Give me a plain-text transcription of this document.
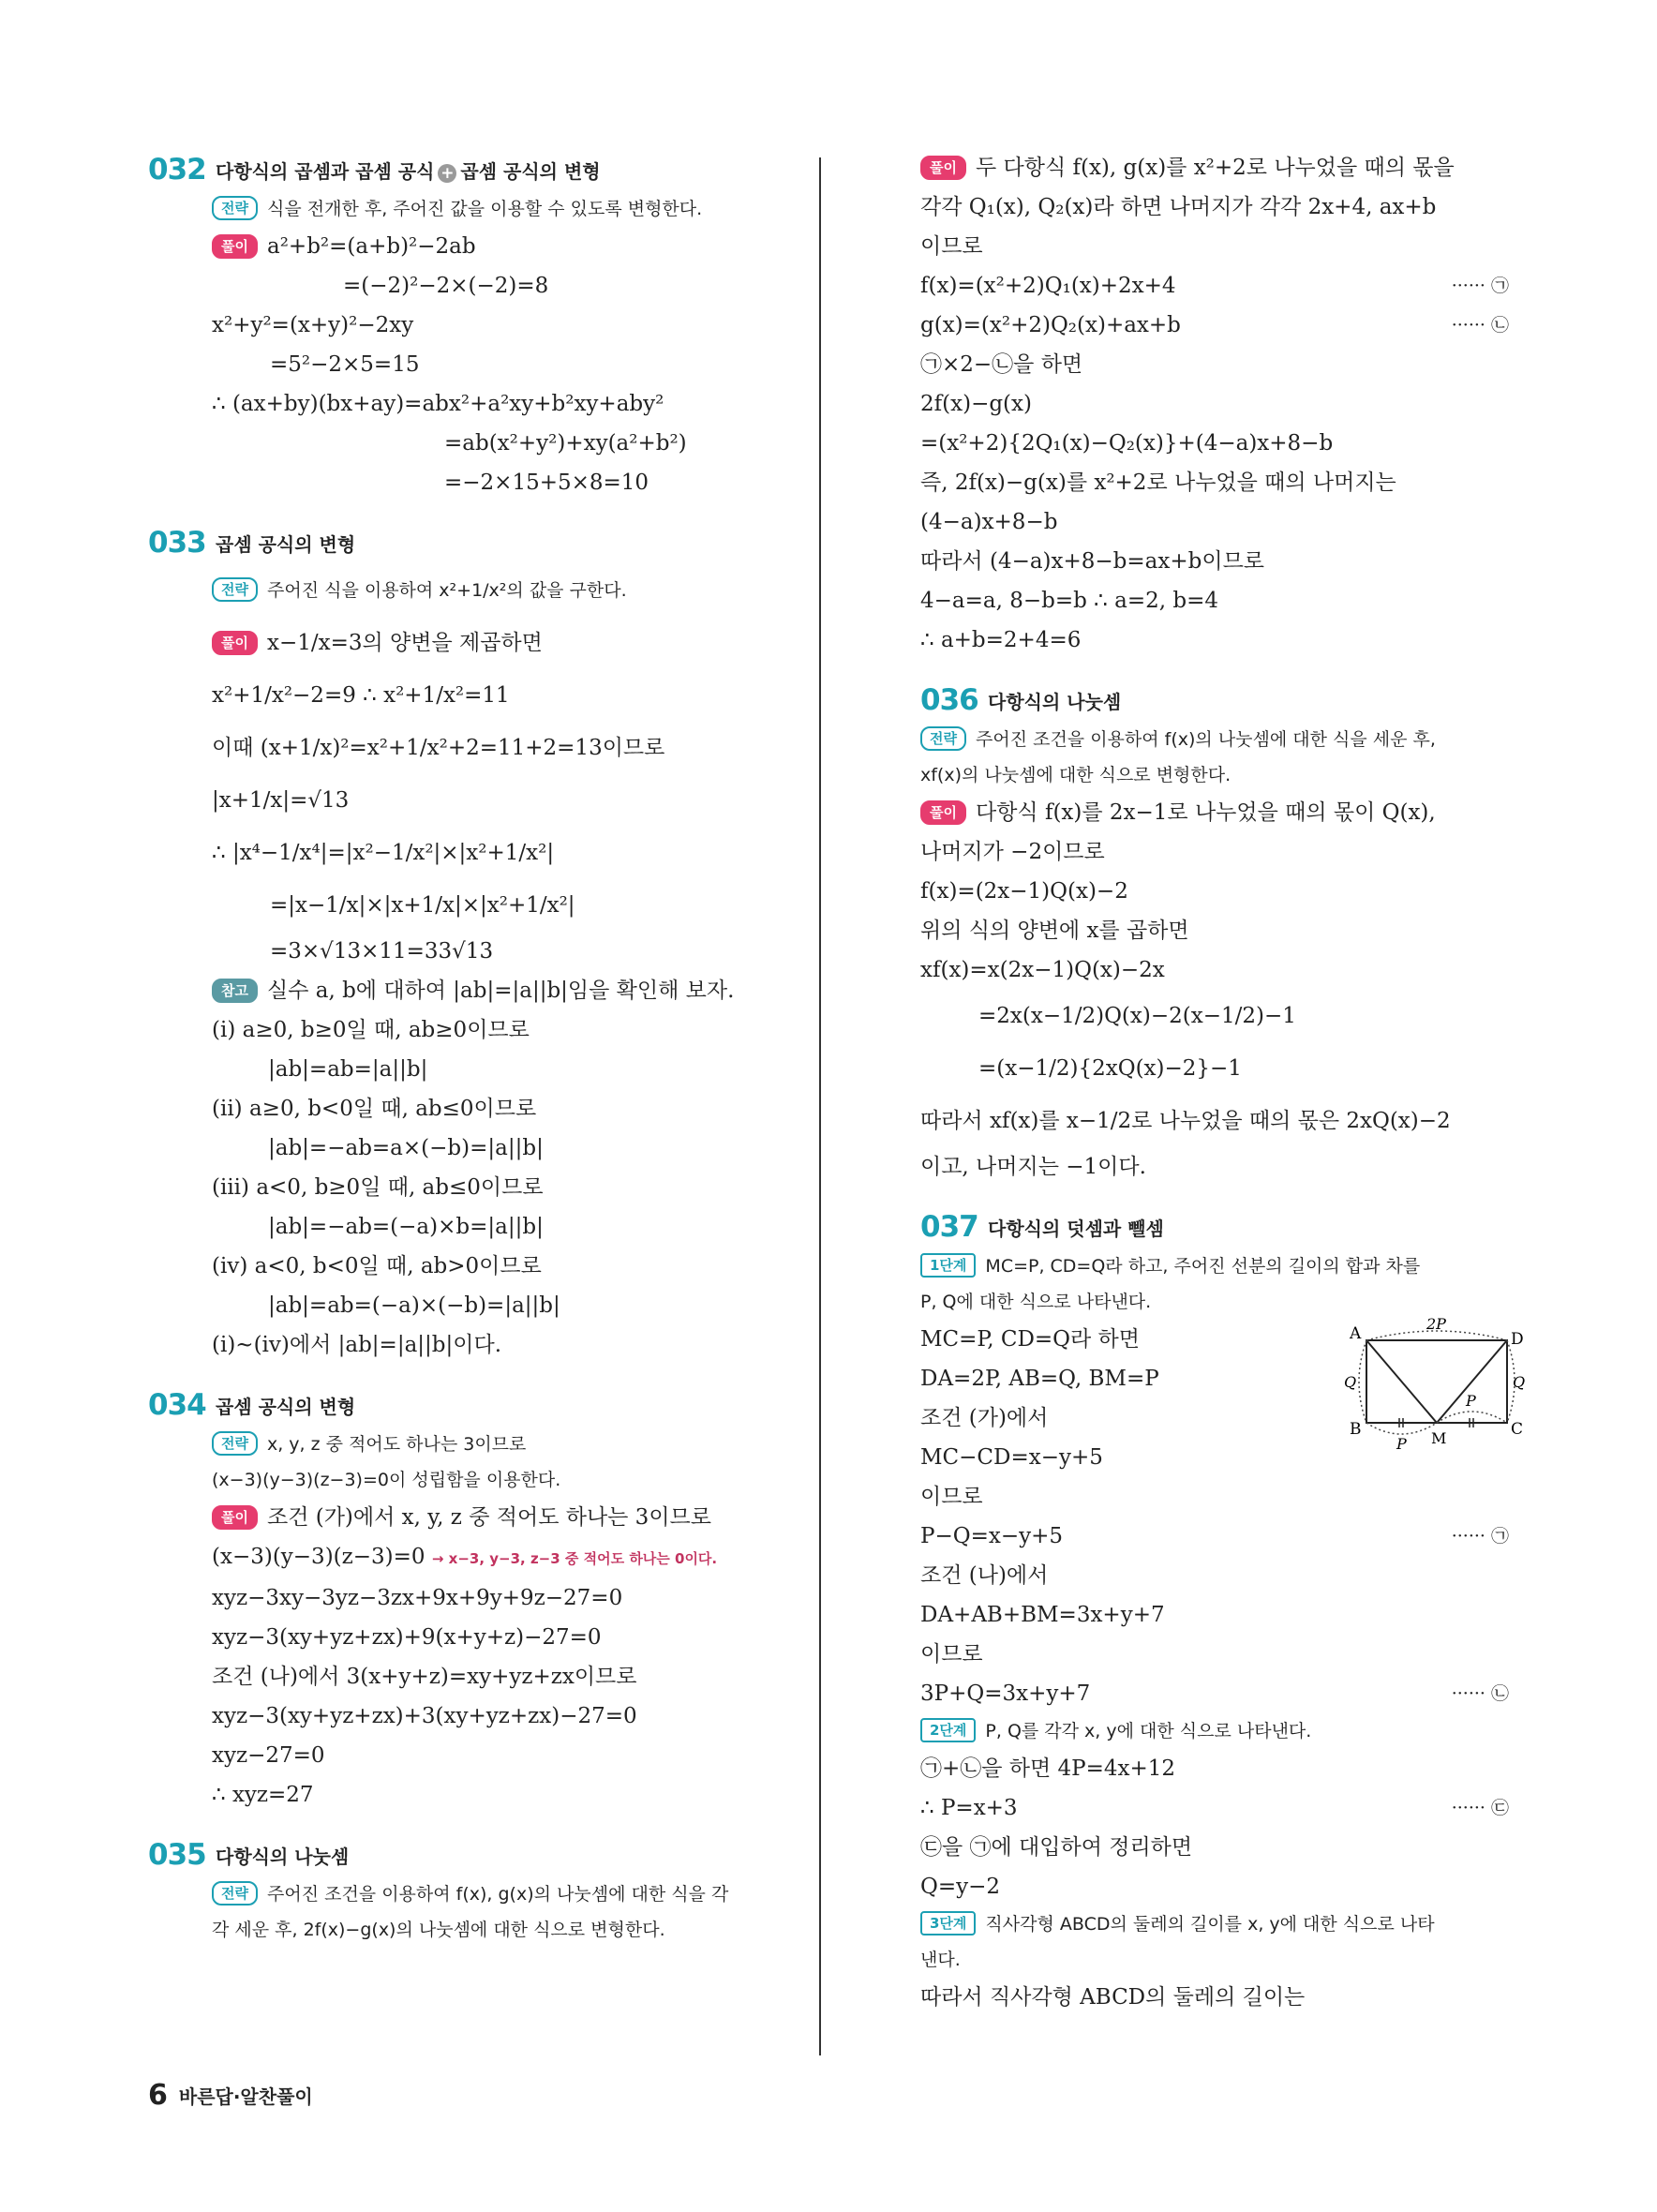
032 다항식의 곱셈과 곱셈 공식 + 곱셈 공식의 변형
전략 식을 전개한 후, 주어진 값을 이용할 수 있도록 변형한다.
풀이 a²+b²=(a+b)²−2ab
=(−2)²−2×(−2)=8
x²+y²=(x+y)²−2xy
=5²−2×5=15
∴ (ax+by)(bx+ay)=abx²+a²xy+b²xy+aby²
=ab(x²+y²)+xy(a²+b²)
=−2×15+5×8=10
033 곱셈 공식의 변형
전략 주어진 식을 이용하여 x²+1/x²의 값을 구한다.
풀이 x−1/x=3의 양변을 제곱하면
x²+1/x²−2=9 ∴ x²+1/x²=11
이때 (x+1/x)²=x²+1/x²+2=11+2=13이므로
|x+1/x|=√13
∴ |x⁴−1/x⁴|=|x²−1/x²|×|x²+1/x²|
=|x−1/x|×|x+1/x|×|x²+1/x²|
=3×√13×11=33√13
참고 실수 a, b에 대하여 |ab|=|a||b|임을 확인해 보자.
(i) a≥0, b≥0일 때, ab≥0이므로
|ab|=ab=|a||b|
(ii) a≥0, b<0일 때, ab≤0이므로
|ab|=−ab=a×(−b)=|a||b|
(iii) a<0, b≥0일 때, ab≤0이므로
|ab|=−ab=(−a)×b=|a||b|
(iv) a<0, b<0일 때, ab>0이므로
|ab|=ab=(−a)×(−b)=|a||b|
(i)~(iv)에서 |ab|=|a||b|이다.
034 곱셈 공식의 변형
전략 x, y, z 중 적어도 하나는 3이므로
(x−3)(y−3)(z−3)=0이 성립함을 이용한다.
풀이 조건 (가)에서 x, y, z 중 적어도 하나는 3이므로
(x−3)(y−3)(z−3)=0 → x−3, y−3, z−3 중 적어도 하나는 0이다.
xyz−3xy−3yz−3zx+9x+9y+9z−27=0
xyz−3(xy+yz+zx)+9(x+y+z)−27=0
조건 (나)에서 3(x+y+z)=xy+yz+zx이므로
xyz−3(xy+yz+zx)+3(xy+yz+zx)−27=0
xyz−27=0
∴ xyz=27
035 다항식의 나눗셈
전략 주어진 조건을 이용하여 f(x), g(x)의 나눗셈에 대한 식을 각
각 세운 후, 2f(x)−g(x)의 나눗셈에 대한 식으로 변형한다.
풀이 두 다항식 f(x), g(x)를 x²+2로 나누었을 때의 몫을
각각 Q₁(x), Q₂(x)라 하면 나머지가 각각 2x+4, ax+b
이므로
f(x)=(x²+2)Q₁(x)+2x+4	······ ㉠
g(x)=(x²+2)Q₂(x)+ax+b	······ ㉡
㉠×2−㉡을 하면
2f(x)−g(x)
=(x²+2){2Q₁(x)−Q₂(x)}+(4−a)x+8−b
즉, 2f(x)−g(x)를 x²+2로 나누었을 때의 나머지는
(4−a)x+8−b
따라서 (4−a)x+8−b=ax+b이므로
4−a=a, 8−b=b ∴ a=2, b=4
∴ a+b=2+4=6
036 다항식의 나눗셈
전략 주어진 조건을 이용하여 f(x)의 나눗셈에 대한 식을 세운 후,
xf(x)의 나눗셈에 대한 식으로 변형한다.
풀이 다항식 f(x)를 2x−1로 나누었을 때의 몫이 Q(x),
나머지가 −2이므로
f(x)=(2x−1)Q(x)−2
위의 식의 양변에 x를 곱하면
xf(x)=x(2x−1)Q(x)−2x
=2x(x−1/2)Q(x)−2(x−1/2)−1
=(x−1/2){2xQ(x)−2}−1
따라서 xf(x)를 x−1/2로 나누었을 때의 몫은 2xQ(x)−2
이고, 나머지는 −1이다.
037 다항식의 덧셈과 뺄셈
1단계 MC=P, CD=Q라 하고, 주어진 선분의 길이의 합과 차를
P, Q에 대한 식으로 나타낸다.
A
B	C
D
M
2P
Q	Q
P
P
MC=P, CD=Q라 하면
DA=2P, AB=Q, BM=P
조건 (가)에서
MC−CD=x−y+5
이므로
P−Q=x−y+5	······ ㉠
조건 (나)에서
DA+AB+BM=3x+y+7
이므로
3P+Q=3x+y+7	······ ㉡
2단계 P, Q를 각각 x, y에 대한 식으로 나타낸다.
㉠+㉡을 하면 4P=4x+12
∴ P=x+3	······ ㉢
㉢을 ㉠에 대입하여 정리하면
Q=y−2
3단계 직사각형 ABCD의 둘레의 길이를 x, y에 대한 식으로 나타
낸다.
따라서 직사각형 ABCD의 둘레의 길이는
6 바른답·알찬풀이
